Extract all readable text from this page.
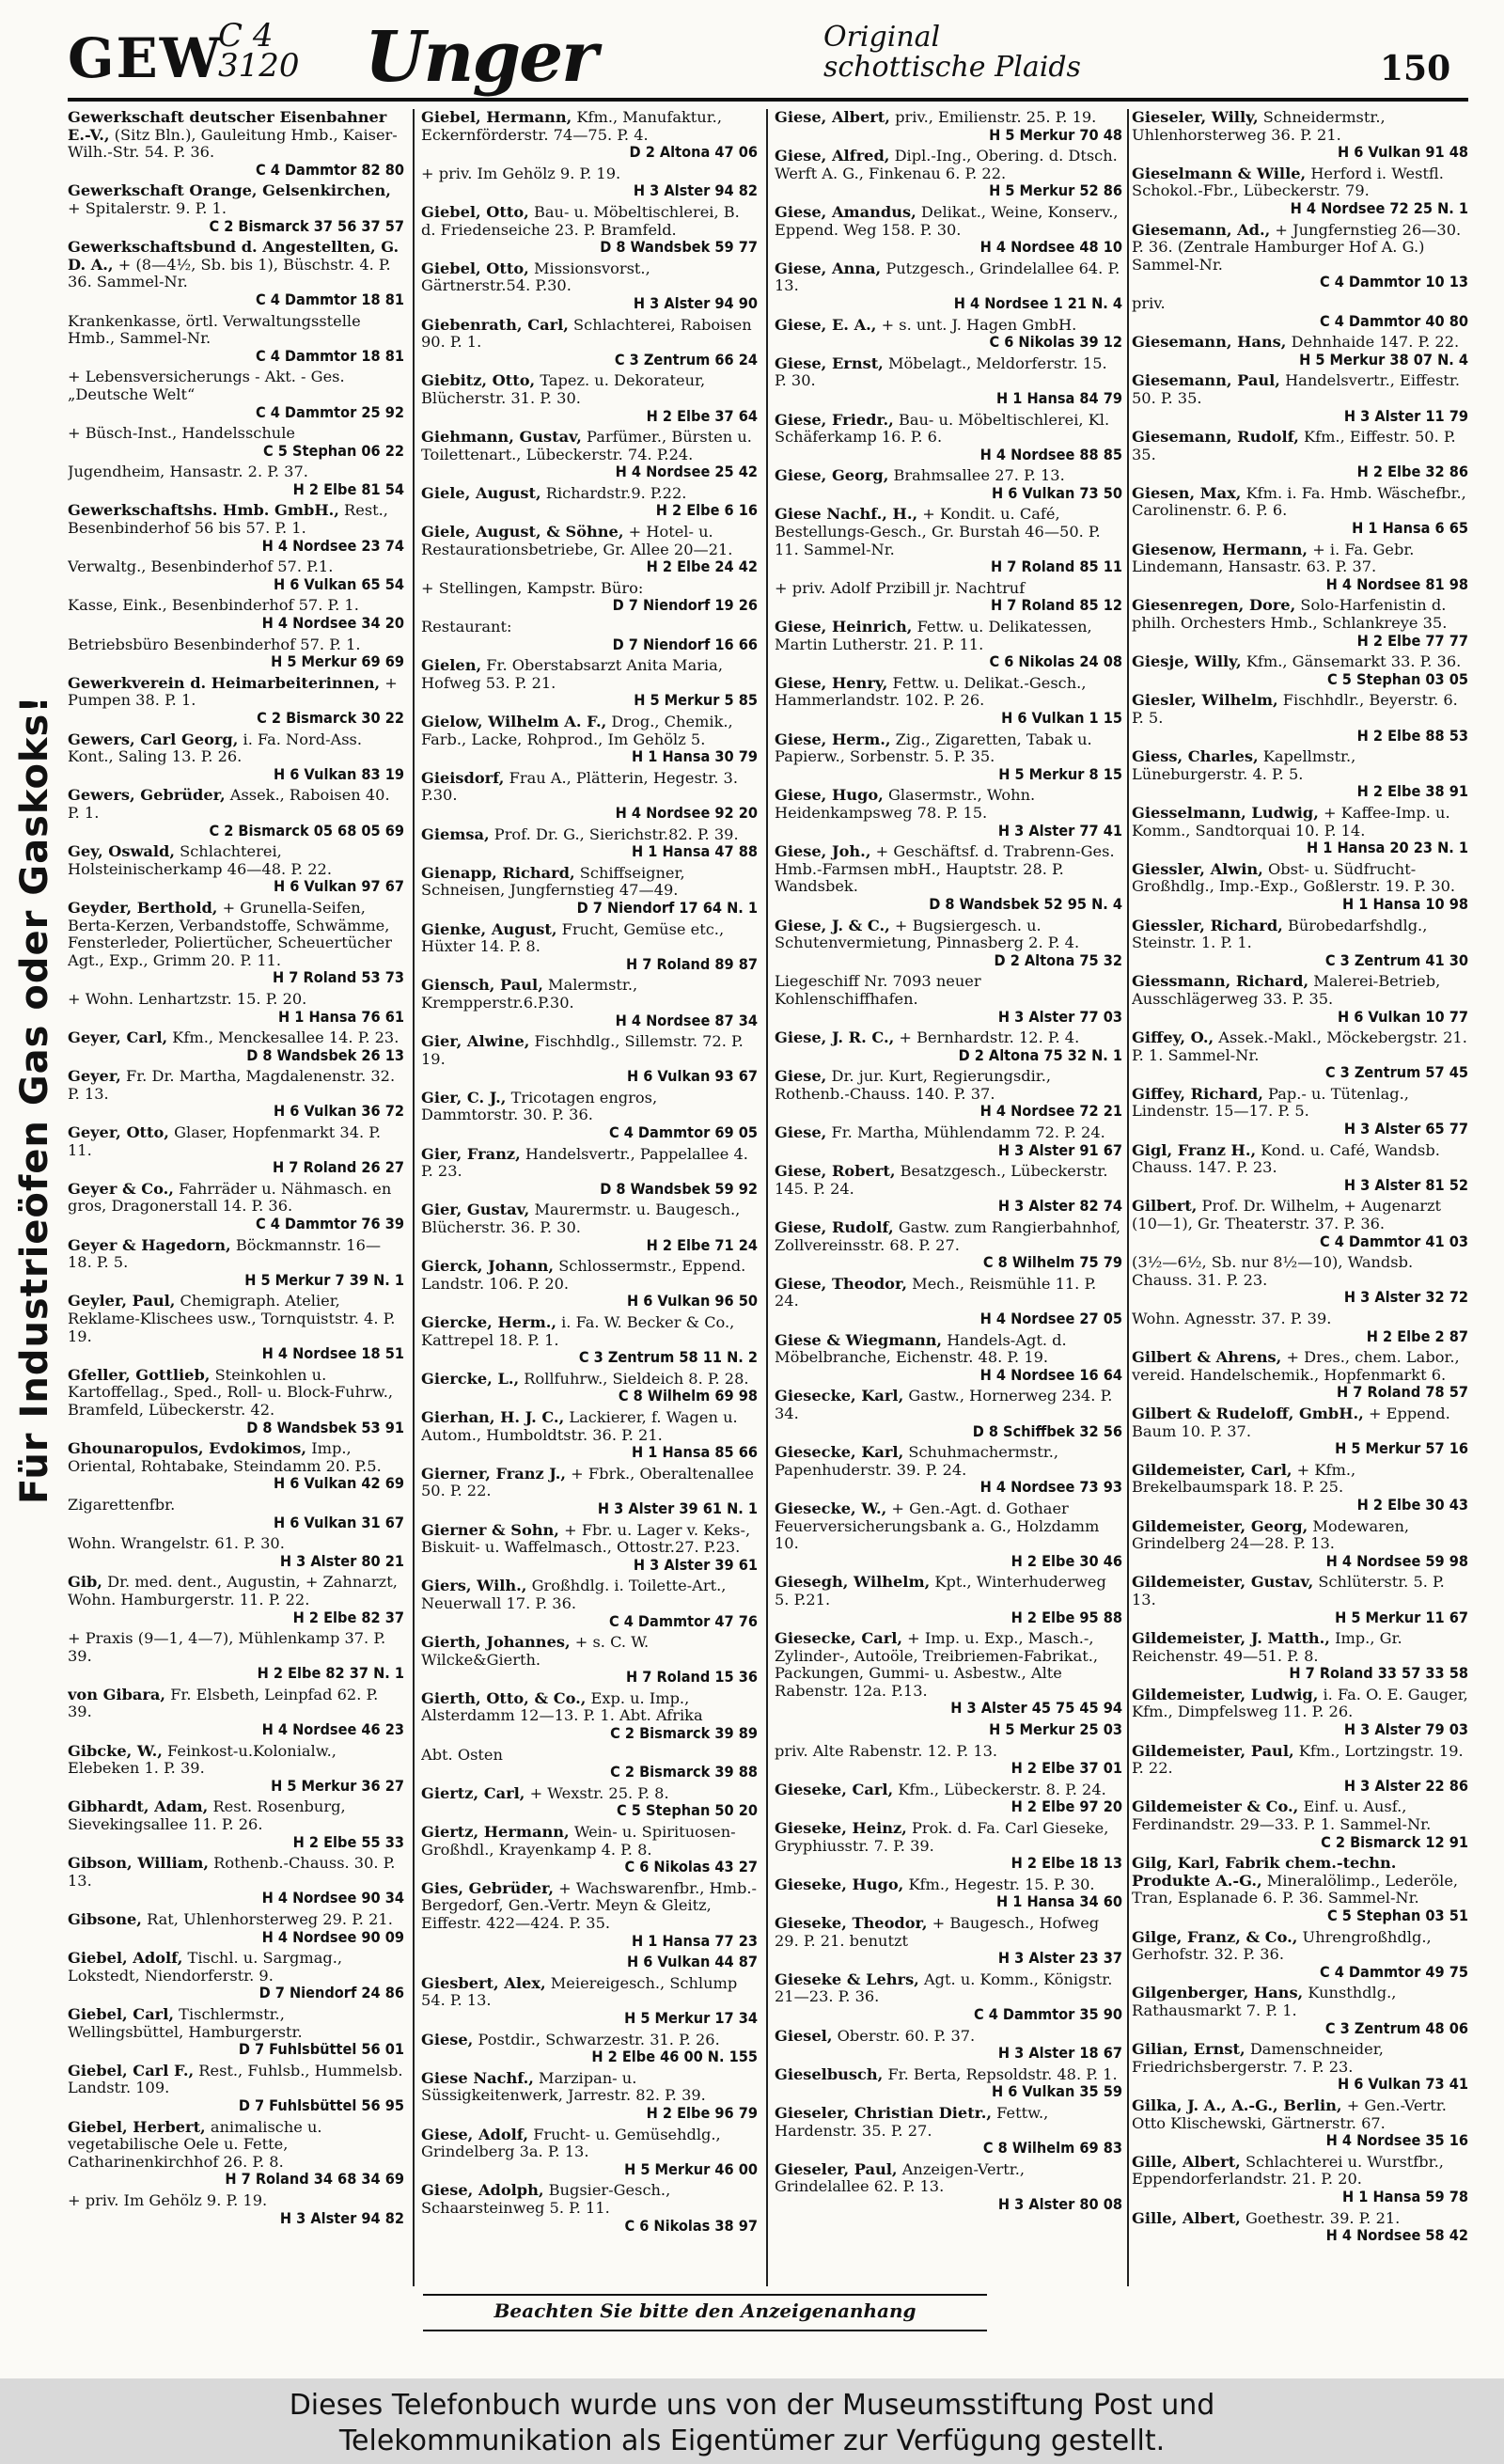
GEW
C 4
3120 Unger	Original
schottische Plaids	150
Für Industrieöfen Gas oder Gaskoks!
Gewerkschaft deutscher Eisenbahner E.-V., (Sitz Bln.), Gauleitung Hmb., Kaiser-Wilh.-Str. 54. P. 36.
C 4 Dammtor 82 80
Gewerkschaft Orange, Gelsenkirchen, + Spitalerstr. 9. P. 1.
C 2 Bismarck 37 56 37 57
Gewerkschaftsbund d. Angestellten, G. D. A., + (8—4½, Sb. bis 1), Büschstr. 4. P. 36. Sammel-Nr.
C 4 Dammtor 18 81
Krankenkasse, örtl. Verwaltungsstelle Hmb., Sammel-Nr.
C 4 Dammtor 18 81
+ Lebensversicherungs - Akt. - Ges. „Deutsche Welt“
C 4 Dammtor 25 92
+ Büsch-Inst., Handelsschule
C 5 Stephan 06 22
Jugendheim, Hansastr. 2. P. 37.
H 2 Elbe 81 54
Gewerkschaftshs. Hmb. GmbH., Rest., Besenbinderhof 56 bis 57. P. 1.
H 4 Nordsee 23 74
Verwaltg., Besenbinderhof 57. P.1.
H 6 Vulkan 65 54
Kasse, Eink., Besenbinderhof 57. P. 1.
H 4 Nordsee 34 20
Betriebsbüro Besenbinderhof 57. P. 1.
H 5 Merkur 69 69
Gewerkverein d. Heimarbeiterinnen, + Pumpen 38. P. 1.
C 2 Bismarck 30 22
Gewers, Carl Georg, i. Fa. Nord-Ass. Kont., Saling 13. P. 26.
H 6 Vulkan 83 19
Gewers, Gebrüder, Assek., Raboisen 40. P. 1.
C 2 Bismarck 05 68 05 69
Gey, Oswald, Schlachterei, Holsteinischerkamp 46—48. P. 22.
H 6 Vulkan 97 67
Geyder, Berthold, + Grunella-Seifen, Berta-Kerzen, Verbandstoffe, Schwämme, Fensterleder, Poliertücher, Scheuertücher Agt., Exp., Grimm 20. P. 11.
H 7 Roland 53 73
+ Wohn. Lenhartzstr. 15. P. 20.
H 1 Hansa 76 61
Geyer, Carl, Kfm., Menckesallee 14. P. 23.
D 8 Wandsbek 26 13
Geyer, Fr. Dr. Martha, Magdalenenstr. 32. P. 13.
H 6 Vulkan 36 72
Geyer, Otto, Glaser, Hopfenmarkt 34. P. 11.
H 7 Roland 26 27
Geyer & Co., Fahrräder u. Nähmasch. en gros, Dragonerstall 14. P. 36.
C 4 Dammtor 76 39
Geyer & Hagedorn, Böckmannstr. 16—18. P. 5.
H 5 Merkur 7 39 N. 1
Geyler, Paul, Chemigraph. Atelier, Reklame-Klischees usw., Tornquiststr. 4. P. 19.
H 4 Nordsee 18 51
Gfeller, Gottlieb, Steinkohlen u. Kartoffellag., Sped., Roll- u. Block-Fuhrw., Bramfeld, Lübeckerstr. 42.
D 8 Wandsbek 53 91
Ghounaropulos, Evdokimos, Imp., Oriental, Rohtabake, Steindamm 20. P.5.
H 6 Vulkan 42 69
Zigarettenfbr.
H 6 Vulkan 31 67
Wohn. Wrangelstr. 61. P. 30.
H 3 Alster 80 21
Gib, Dr. med. dent., Augustin, + Zahnarzt, Wohn. Hamburgerstr. 11. P. 22.
H 2 Elbe 82 37
+ Praxis (9—1, 4—7), Mühlenkamp 37. P. 39.
H 2 Elbe 82 37 N. 1
von Gibara, Fr. Elsbeth, Leinpfad 62. P. 39.
H 4 Nordsee 46 23
Gibcke, W., Feinkost-u.Kolonialw., Elebeken 1. P. 39.
H 5 Merkur 36 27
Gibhardt, Adam, Rest. Rosenburg, Sievekingsallee 11. P. 26.
H 2 Elbe 55 33
Gibson, William, Rothenb.-Chauss. 30. P. 13.
H 4 Nordsee 90 34
Gibsone, Rat, Uhlenhorsterweg 29. P. 21.
H 4 Nordsee 90 09
Giebel, Adolf, Tischl. u. Sargmag., Lokstedt, Niendorferstr. 9.
D 7 Niendorf 24 86
Giebel, Carl, Tischlermstr., Wellingsbüttel, Hamburgerstr.
D 7 Fuhlsbüttel 56 01
Giebel, Carl F., Rest., Fuhlsb., Hummelsb. Landstr. 109.
D 7 Fuhlsbüttel 56 95
Giebel, Herbert, animalische u. vegetabilische Oele u. Fette, Catharinenkirchhof 26. P. 8.
H 7 Roland 34 68 34 69
+ priv. Im Gehölz 9. P. 19.
H 3 Alster 94 82
Giebel, Hermann, Kfm., Manufaktur., Eckernförderstr. 74—75. P. 4.
D 2 Altona 47 06
+ priv. Im Gehölz 9. P. 19.
H 3 Alster 94 82
Giebel, Otto, Bau- u. Möbeltischlerei, B. d. Friedenseiche 23. P. Bramfeld.
D 8 Wandsbek 59 77
Giebel, Otto, Missionsvorst., Gärtnerstr.54. P.30.
H 3 Alster 94 90
Giebenrath, Carl, Schlachterei, Raboisen 90. P. 1.
C 3 Zentrum 66 24
Giebitz, Otto, Tapez. u. Dekorateur, Blücherstr. 31. P. 30.
H 2 Elbe 37 64
Giehmann, Gustav, Parfümer., Bürsten u. Toilettenart., Lübeckerstr. 74. P.24.
H 4 Nordsee 25 42
Giele, August, Richardstr.9. P.22.
H 2 Elbe 6 16
Giele, August, & Söhne, + Hotel- u. Restaurationsbetriebe, Gr. Allee 20—21.
H 2 Elbe 24 42
+ Stellingen, Kampstr. Büro:
D 7 Niendorf 19 26
Restaurant:
D 7 Niendorf 16 66
Gielen, Fr. Oberstabsarzt Anita Maria, Hofweg 53. P. 21.
H 5 Merkur 5 85
Gielow, Wilhelm A. F., Drog., Chemik., Farb., Lacke, Rohprod., Im Gehölz 5.
H 1 Hansa 30 79
Gieisdorf, Frau A., Plätterin, Hegestr. 3. P.30.
H 4 Nordsee 92 20
Giemsa, Prof. Dr. G., Sierichstr.82. P. 39.
H 1 Hansa 47 88
Gienapp, Richard, Schiffseigner, Schneisen, Jungfernstieg 47—49.
D 7 Niendorf 17 64 N. 1
Gienke, August, Frucht, Gemüse etc., Hüxter 14. P. 8.
H 7 Roland 89 87
Giensch, Paul, Malermstr., Krempperstr.6.P.30.
H 4 Nordsee 87 34
Gier, Alwine, Fischhdlg., Sillemstr. 72. P. 19.
H 6 Vulkan 93 67
Gier, C. J., Tricotagen engros, Dammtorstr. 30. P. 36.
C 4 Dammtor 69 05
Gier, Franz, Handelsvertr., Pappelallee 4. P. 23.
D 8 Wandsbek 59 92
Gier, Gustav, Maurermstr. u. Baugesch., Blücherstr. 36. P. 30.
H 2 Elbe 71 24
Gierck, Johann, Schlossermstr., Eppend. Landstr. 106. P. 20.
H 6 Vulkan 96 50
Giercke, Herm., i. Fa. W. Becker & Co., Kattrepel 18. P. 1.
C 3 Zentrum 58 11 N. 2
Giercke, L., Rollfuhrw., Sieldeich 8. P. 28.
C 8 Wilhelm 69 98
Gierhan, H. J. C., Lackierer, f. Wagen u. Autom., Humboldtstr. 36. P. 21.
H 1 Hansa 85 66
Gierner, Franz J., + Fbrk., Oberaltenallee 50. P. 22.
H 3 Alster 39 61 N. 1
Gierner & Sohn, + Fbr. u. Lager v. Keks-, Biskuit- u. Waffelmasch., Ottostr.27. P.23.
H 3 Alster 39 61
Giers, Wilh., Großhdlg. i. Toilette-Art., Neuerwall 17. P. 36.
C 4 Dammtor 47 76
Gierth, Johannes, + s. C. W. Wilcke&Gierth.
H 7 Roland 15 36
Gierth, Otto, & Co., Exp. u. Imp., Alsterdamm 12—13. P. 1. Abt. Afrika
C 2 Bismarck 39 89
Abt. Osten
C 2 Bismarck 39 88
Giertz, Carl, + Wexstr. 25. P. 8.
C 5 Stephan 50 20
Giertz, Hermann, Wein- u. Spirituosen-Großhdl., Krayenkamp 4. P. 8.
C 6 Nikolas 43 27
Gies, Gebrüder, + Wachswarenfbr., Hmb.-Bergedorf, Gen.-Vertr. Meyn & Gleitz, Eiffestr. 422—424. P. 35.
H 1 Hansa 77 23
H 6 Vulkan 44 87
Giesbert, Alex, Meiereigesch., Schlump 54. P. 13.
H 5 Merkur 17 34
Giese, Postdir., Schwarzestr. 31. P. 26.
H 2 Elbe 46 00 N. 155
Giese Nachf., Marzipan- u. Süssigkeitenwerk, Jarrestr. 82. P. 39.
H 2 Elbe 96 79
Giese, Adolf, Frucht- u. Gemüsehdlg., Grindelberg 3a. P. 13.
H 5 Merkur 46 00
Giese, Adolph, Bugsier-Gesch., Schaarsteinweg 5. P. 11.
C 6 Nikolas 38 97
Giese, Albert, priv., Emilienstr. 25. P. 19.
H 5 Merkur 70 48
Giese, Alfred, Dipl.-Ing., Obering. d. Dtsch. Werft A. G., Finkenau 6. P. 22.
H 5 Merkur 52 86
Giese, Amandus, Delikat., Weine, Konserv., Eppend. Weg 158. P. 30.
H 4 Nordsee 48 10
Giese, Anna, Putzgesch., Grindelallee 64. P. 13.
H 4 Nordsee 1 21 N. 4
Giese, E. A., + s. unt. J. Hagen GmbH.
C 6 Nikolas 39 12
Giese, Ernst, Möbelagt., Meldorferstr. 15. P. 30.
H 1 Hansa 84 79
Giese, Friedr., Bau- u. Möbeltischlerei, Kl. Schäferkamp 16. P. 6.
H 4 Nordsee 88 85
Giese, Georg, Brahmsallee 27. P. 13.
H 6 Vulkan 73 50
Giese Nachf., H., + Kondit. u. Café, Bestellungs-Gesch., Gr. Burstah 46—50. P. 11. Sammel-Nr.
H 7 Roland 85 11
+ priv. Adolf Przibill jr. Nachtruf
H 7 Roland 85 12
Giese, Heinrich, Fettw. u. Delikatessen, Martin Lutherstr. 21. P. 11.
C 6 Nikolas 24 08
Giese, Henry, Fettw. u. Delikat.-Gesch., Hammerlandstr. 102. P. 26.
H 6 Vulkan 1 15
Giese, Herm., Zig., Zigaretten, Tabak u. Papierw., Sorbenstr. 5. P. 35.
H 5 Merkur 8 15
Giese, Hugo, Glasermstr., Wohn. Heidenkampsweg 78. P. 15.
H 3 Alster 77 41
Giese, Joh., + Geschäftsf. d. Trabrenn-Ges. Hmb.-Farmsen mbH., Hauptstr. 28. P. Wandsbek.
D 8 Wandsbek 52 95 N. 4
Giese, J. & C., + Bugsiergesch. u. Schutenvermietung, Pinnasberg 2. P. 4.
D 2 Altona 75 32
Liegeschiff Nr. 7093 neuer Kohlenschiffhafen.
H 3 Alster 77 03
Giese, J. R. C., + Bernhardstr. 12. P. 4.
D 2 Altona 75 32 N. 1
Giese, Dr. jur. Kurt, Regierungsdir., Rothenb.-Chauss. 140. P. 37.
H 4 Nordsee 72 21
Giese, Fr. Martha, Mühlendamm 72. P. 24.
H 3 Alster 91 67
Giese, Robert, Besatzgesch., Lübeckerstr. 145. P. 24.
H 3 Alster 82 74
Giese, Rudolf, Gastw. zum Rangierbahnhof, Zollvereinsstr. 68. P. 27.
C 8 Wilhelm 75 79
Giese, Theodor, Mech., Reismühle 11. P. 24.
H 4 Nordsee 27 05
Giese & Wiegmann, Handels-Agt. d. Möbelbranche, Eichenstr. 48. P. 19.
H 4 Nordsee 16 64
Giesecke, Karl, Gastw., Hornerweg 234. P. 34.
D 8 Schiffbek 32 56
Giesecke, Karl, Schuhmachermstr., Papenhuderstr. 39. P. 24.
H 4 Nordsee 73 93
Giesecke, W., + Gen.-Agt. d. Gothaer Feuerversicherungsbank a. G., Holzdamm 10.
H 2 Elbe 30 46
Giesegh, Wilhelm, Kpt., Winterhuderweg 5. P.21.
H 2 Elbe 95 88
Giesecke, Carl, + Imp. u. Exp., Masch.-, Zylinder-, Autoöle, Treibriemen-Fabrikat., Packungen, Gummi- u. Asbestw., Alte Rabenstr. 12a. P.13.
H 3 Alster 45 75 45 94
H 5 Merkur 25 03
priv. Alte Rabenstr. 12. P. 13.
H 2 Elbe 37 01
Gieseke, Carl, Kfm., Lübeckerstr. 8. P. 24.
H 2 Elbe 97 20
Gieseke, Heinz, Prok. d. Fa. Carl Gieseke, Gryphiusstr. 7. P. 39.
H 2 Elbe 18 13
Gieseke, Hugo, Kfm., Hegestr. 15. P. 30.
H 1 Hansa 34 60
Gieseke, Theodor, + Baugesch., Hofweg 29. P. 21. benutzt
H 3 Alster 23 37
Gieseke & Lehrs, Agt. u. Komm., Königstr. 21—23. P. 36.
C 4 Dammtor 35 90
Giesel, Oberstr. 60. P. 37.
H 3 Alster 18 67
Gieselbusch, Fr. Berta, Repsoldstr. 48. P. 1.
H 6 Vulkan 35 59
Gieseler, Christian Dietr., Fettw., Hardenstr. 35. P. 27.
C 8 Wilhelm 69 83
Gieseler, Paul, Anzeigen-Vertr., Grindelallee 62. P. 13.
H 3 Alster 80 08
Gieseler, Willy, Schneidermstr., Uhlenhorsterweg 36. P. 21.
H 6 Vulkan 91 48
Gieselmann & Wille, Herford i. Westfl. Schokol.-Fbr., Lübeckerstr. 79.
H 4 Nordsee 72 25 N. 1
Giesemann, Ad., + Jungfernstieg 26—30. P. 36. (Zentrale Hamburger Hof A. G.) Sammel-Nr.
C 4 Dammtor 10 13
priv.
C 4 Dammtor 40 80
Giesemann, Hans, Dehnhaide 147. P. 22.
H 5 Merkur 38 07 N. 4
Giesemann, Paul, Handelsvertr., Eiffestr. 50. P. 35.
H 3 Alster 11 79
Giesemann, Rudolf, Kfm., Eiffestr. 50. P. 35.
H 2 Elbe 32 86
Giesen, Max, Kfm. i. Fa. Hmb. Wäschefbr., Carolinenstr. 6. P. 6.
H 1 Hansa 6 65
Giesenow, Hermann, + i. Fa. Gebr. Lindemann, Hansastr. 63. P. 37.
H 4 Nordsee 81 98
Giesenregen, Dore, Solo-Harfenistin d. philh. Orchesters Hmb., Schlankreye 35.
H 2 Elbe 77 77
Giesje, Willy, Kfm., Gänsemarkt 33. P. 36.
C 5 Stephan 03 05
Giesler, Wilhelm, Fischhdlr., Beyerstr. 6. P. 5.
H 2 Elbe 88 53
Giess, Charles, Kapellmstr., Lüneburgerstr. 4. P. 5.
H 2 Elbe 38 91
Giesselmann, Ludwig, + Kaffee-Imp. u. Komm., Sandtorquai 10. P. 14.
H 1 Hansa 20 23 N. 1
Giessler, Alwin, Obst- u. Südfrucht-Großhdlg., Imp.-Exp., Goßlerstr. 19. P. 30.
H 1 Hansa 10 98
Giessler, Richard, Bürobedarfshdlg., Steinstr. 1. P. 1.
C 3 Zentrum 41 30
Giessmann, Richard, Malerei-Betrieb, Ausschlägerweg 33. P. 35.
H 6 Vulkan 10 77
Giffey, O., Assek.-Makl., Möckebergstr. 21. P. 1. Sammel-Nr.
C 3 Zentrum 57 45
Giffey, Richard, Pap.- u. Tütenlag., Lindenstr. 15—17. P. 5.
H 3 Alster 65 77
Gigl, Franz H., Kond. u. Café, Wandsb. Chauss. 147. P. 23.
H 3 Alster 81 52
Gilbert, Prof. Dr. Wilhelm, + Augenarzt (10—1), Gr. Theaterstr. 37. P. 36.
C 4 Dammtor 41 03
(3½—6½, Sb. nur 8½—10), Wandsb. Chauss. 31. P. 23.
H 3 Alster 32 72
Wohn. Agnesstr. 37. P. 39.
H 2 Elbe 2 87
Gilbert & Ahrens, + Dres., chem. Labor., vereid. Handelschemik., Hopfenmarkt 6.
H 7 Roland 78 57
Gilbert & Rudeloff, GmbH., + Eppend. Baum 10. P. 37.
H 5 Merkur 57 16
Gildemeister, Carl, + Kfm., Brekelbaumspark 18. P. 25.
H 2 Elbe 30 43
Gildemeister, Georg, Modewaren, Grindelberg 24—28. P. 13.
H 4 Nordsee 59 98
Gildemeister, Gustav, Schlüterstr. 5. P. 13.
H 5 Merkur 11 67
Gildemeister, J. Matth., Imp., Gr. Reichenstr. 49—51. P. 8.
H 7 Roland 33 57 33 58
Gildemeister, Ludwig, i. Fa. O. E. Gauger, Kfm., Dimpfelsweg 11. P. 26.
H 3 Alster 79 03
Gildemeister, Paul, Kfm., Lortzingstr. 19. P. 22.
H 3 Alster 22 86
Gildemeister & Co., Einf. u. Ausf., Ferdinandstr. 29—33. P. 1. Sammel-Nr.
C 2 Bismarck 12 91
Gilg, Karl, Fabrik chem.-techn. Produkte A.-G., Mineralölimp., Lederöle, Tran, Esplanade 6. P. 36. Sammel-Nr.
C 5 Stephan 03 51
Gilge, Franz, & Co., Uhrengroßhdlg., Gerhofstr. 32. P. 36.
C 4 Dammtor 49 75
Gilgenberger, Hans, Kunsthdlg., Rathausmarkt 7. P. 1.
C 3 Zentrum 48 06
Gilian, Ernst, Damenschneider, Friedrichsbergerstr. 7. P. 23.
H 6 Vulkan 73 41
Gilka, J. A., A.-G., Berlin, + Gen.-Vertr. Otto Klischewski, Gärtnerstr. 67.
H 4 Nordsee 35 16
Gille, Albert, Schlachterei u. Wurstfbr., Eppendorferlandstr. 21. P. 20.
H 1 Hansa 59 78
Gille, Albert, Goethestr. 39. P. 21.
H 4 Nordsee 58 42
Beachten Sie bitte den Anzeigenanhang
Dieses Telefonbuch wurde uns von der Museumsstiftung Post und
Telekommunikation als Eigentümer zur Verfügung gestellt.
